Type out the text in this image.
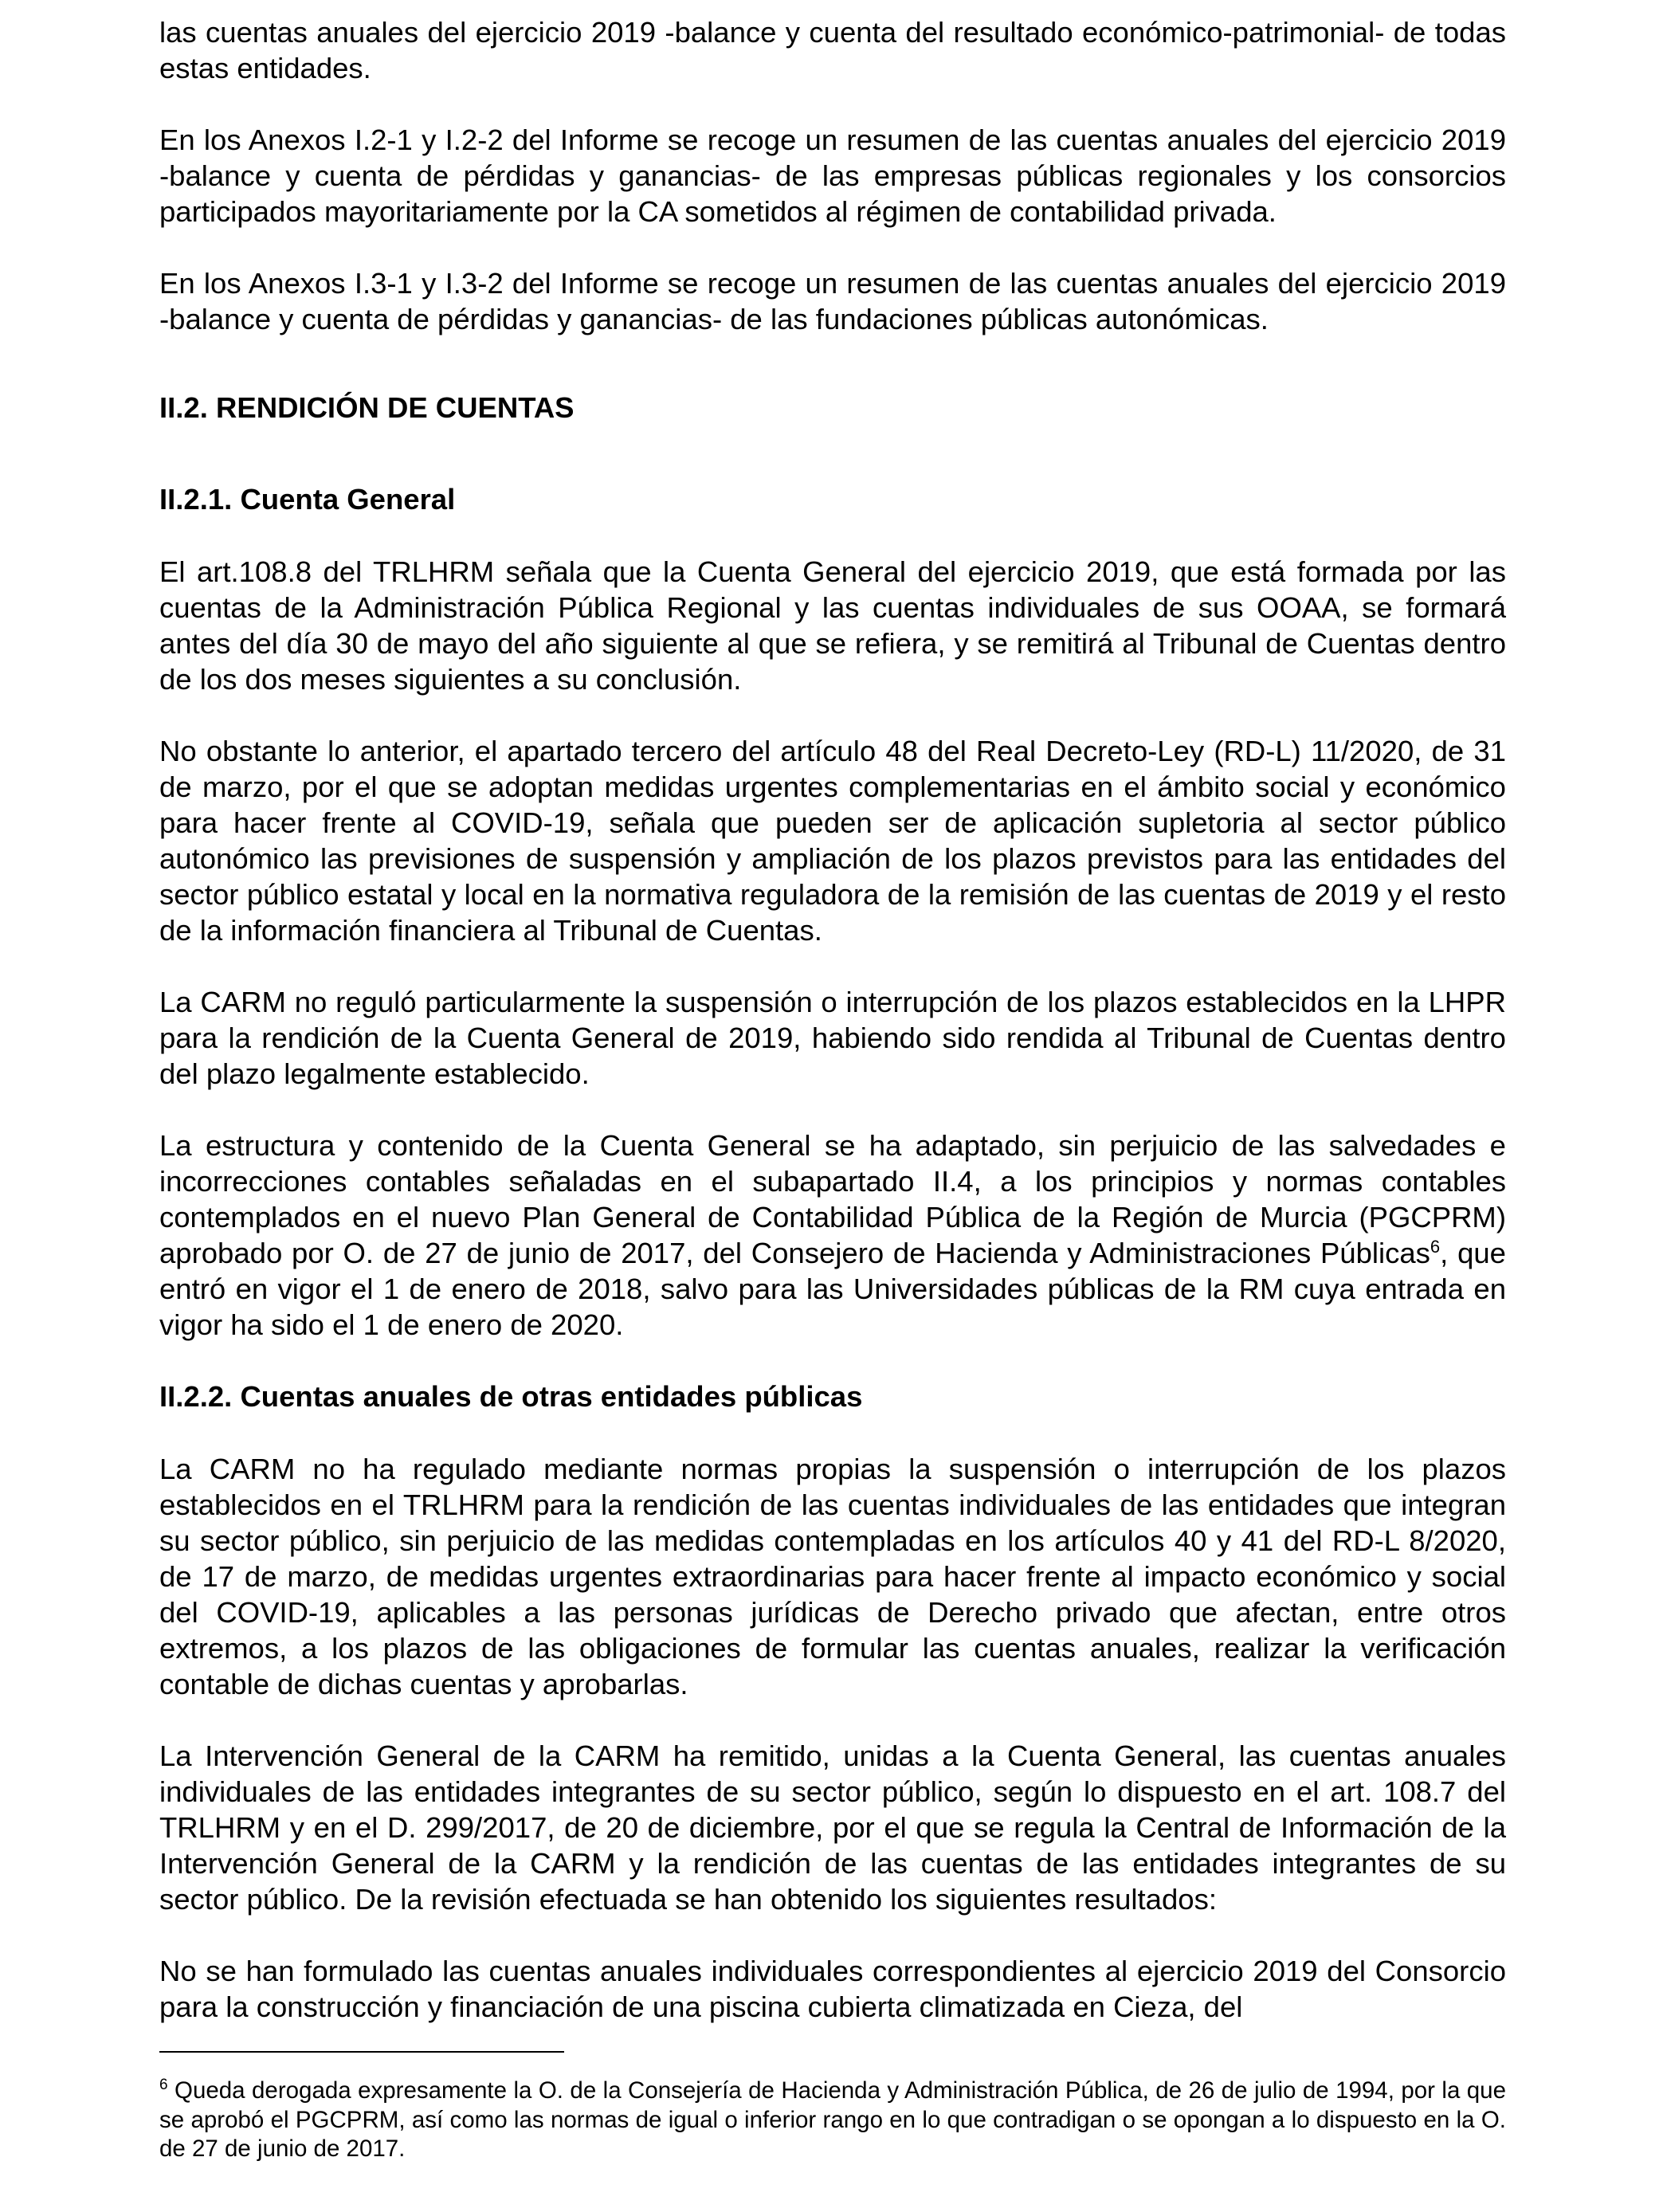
las cuentas anuales del ejercicio 2019 -balance y cuenta del resultado económico-patrimonial- de todas estas entidades.

En los Anexos I.2-1 y I.2-2 del Informe se recoge un resumen de las cuentas anuales del ejercicio 2019 -balance y cuenta de pérdidas y ganancias- de las empresas públicas regionales y los consorcios participados mayoritariamente por la CA sometidos al régimen de contabilidad privada.

En los Anexos I.3-1 y I.3-2 del Informe se recoge un resumen de las cuentas anuales del ejercicio 2019 -balance y cuenta de pérdidas y ganancias- de las fundaciones públicas autonómicas.

II.2. RENDICIÓN DE CUENTAS
II.2.1. Cuenta General

El art.108.8 del TRLHRM señala que la Cuenta General del ejercicio 2019, que está formada por las cuentas de la Administración Pública Regional y las cuentas individuales de sus OOAA, se formará antes del día 30 de mayo del año siguiente al que se refiera, y se remitirá al Tribunal de Cuentas dentro de los dos meses siguientes a su conclusión.

No obstante lo anterior, el apartado tercero del artículo 48 del Real Decreto-Ley (RD-L) 11/2020, de 31 de marzo, por el que se adoptan medidas urgentes complementarias en el ámbito social y económico para hacer frente al COVID-19, señala que pueden ser de aplicación supletoria al sector público autonómico las previsiones de suspensión y ampliación de los plazos previstos para las entidades del sector público estatal y local en la normativa reguladora de la remisión de las cuentas de 2019 y el resto de la información financiera al Tribunal de Cuentas.

La CARM no reguló particularmente la suspensión o interrupción de los plazos establecidos en la LHPR para la rendición de la Cuenta General de 2019, habiendo sido rendida al Tribunal de Cuentas dentro del plazo legalmente establecido.

La estructura y contenido de la Cuenta General se ha adaptado, sin perjuicio de las salvedades e incorrecciones contables señaladas en el subapartado II.4, a los principios y normas contables contemplados en el nuevo Plan General de Contabilidad Pública de la Región de Murcia (PGCPRM) aprobado por O. de 27 de junio de 2017, del Consejero de Hacienda y Administraciones Públicas$^6$, que entró en vigor el 1 de enero de 2018, salvo para las Universidades públicas de la RM cuya entrada en vigor ha sido el 1 de enero de 2020.

II.2.2. Cuentas anuales de otras entidades públicas

La CARM no ha regulado mediante normas propias la suspensión o interrupción de los plazos establecidos en el TRLHRM para la rendición de las cuentas individuales de las entidades que integran su sector público, sin perjuicio de las medidas contempladas en los artículos 40 y 41 del RD-L 8/2020, de 17 de marzo, de medidas urgentes extraordinarias para hacer frente al impacto económico y social del COVID-19, aplicables a las personas jurídicas de Derecho privado que afectan, entre otros extremos, a los plazos de las obligaciones de formular las cuentas anuales, realizar la verificación contable de dichas cuentas y aprobarlas.

La Intervención General de la CARM ha remitido, unidas a la Cuenta General, las cuentas anuales individuales de las entidades integrantes de su sector público, según lo dispuesto en el art. 108.7 del TRLHRM y en el D. 299/2017, de 20 de diciembre, por el que se regula la Central de Información de la Intervención General de la CARM y la rendición de las cuentas de las entidades integrantes de su sector público. De la revisión efectuada se han obtenido los siguientes resultados:

No se han formulado las cuentas anuales individuales correspondientes al ejercicio 2019 del Consorcio para la construcción y financiación de una piscina cubierta climatizada en Cieza, del

$^6$ Queda derogada expresamente la O. de la Consejería de Hacienda y Administración Pública, de 26 de julio de 1994, por la que se aprobó el PGCPRM, así como las normas de igual o inferior rango en lo que contradigan o se opongan a lo dispuesto en la O. de 27 de junio de 2017.
